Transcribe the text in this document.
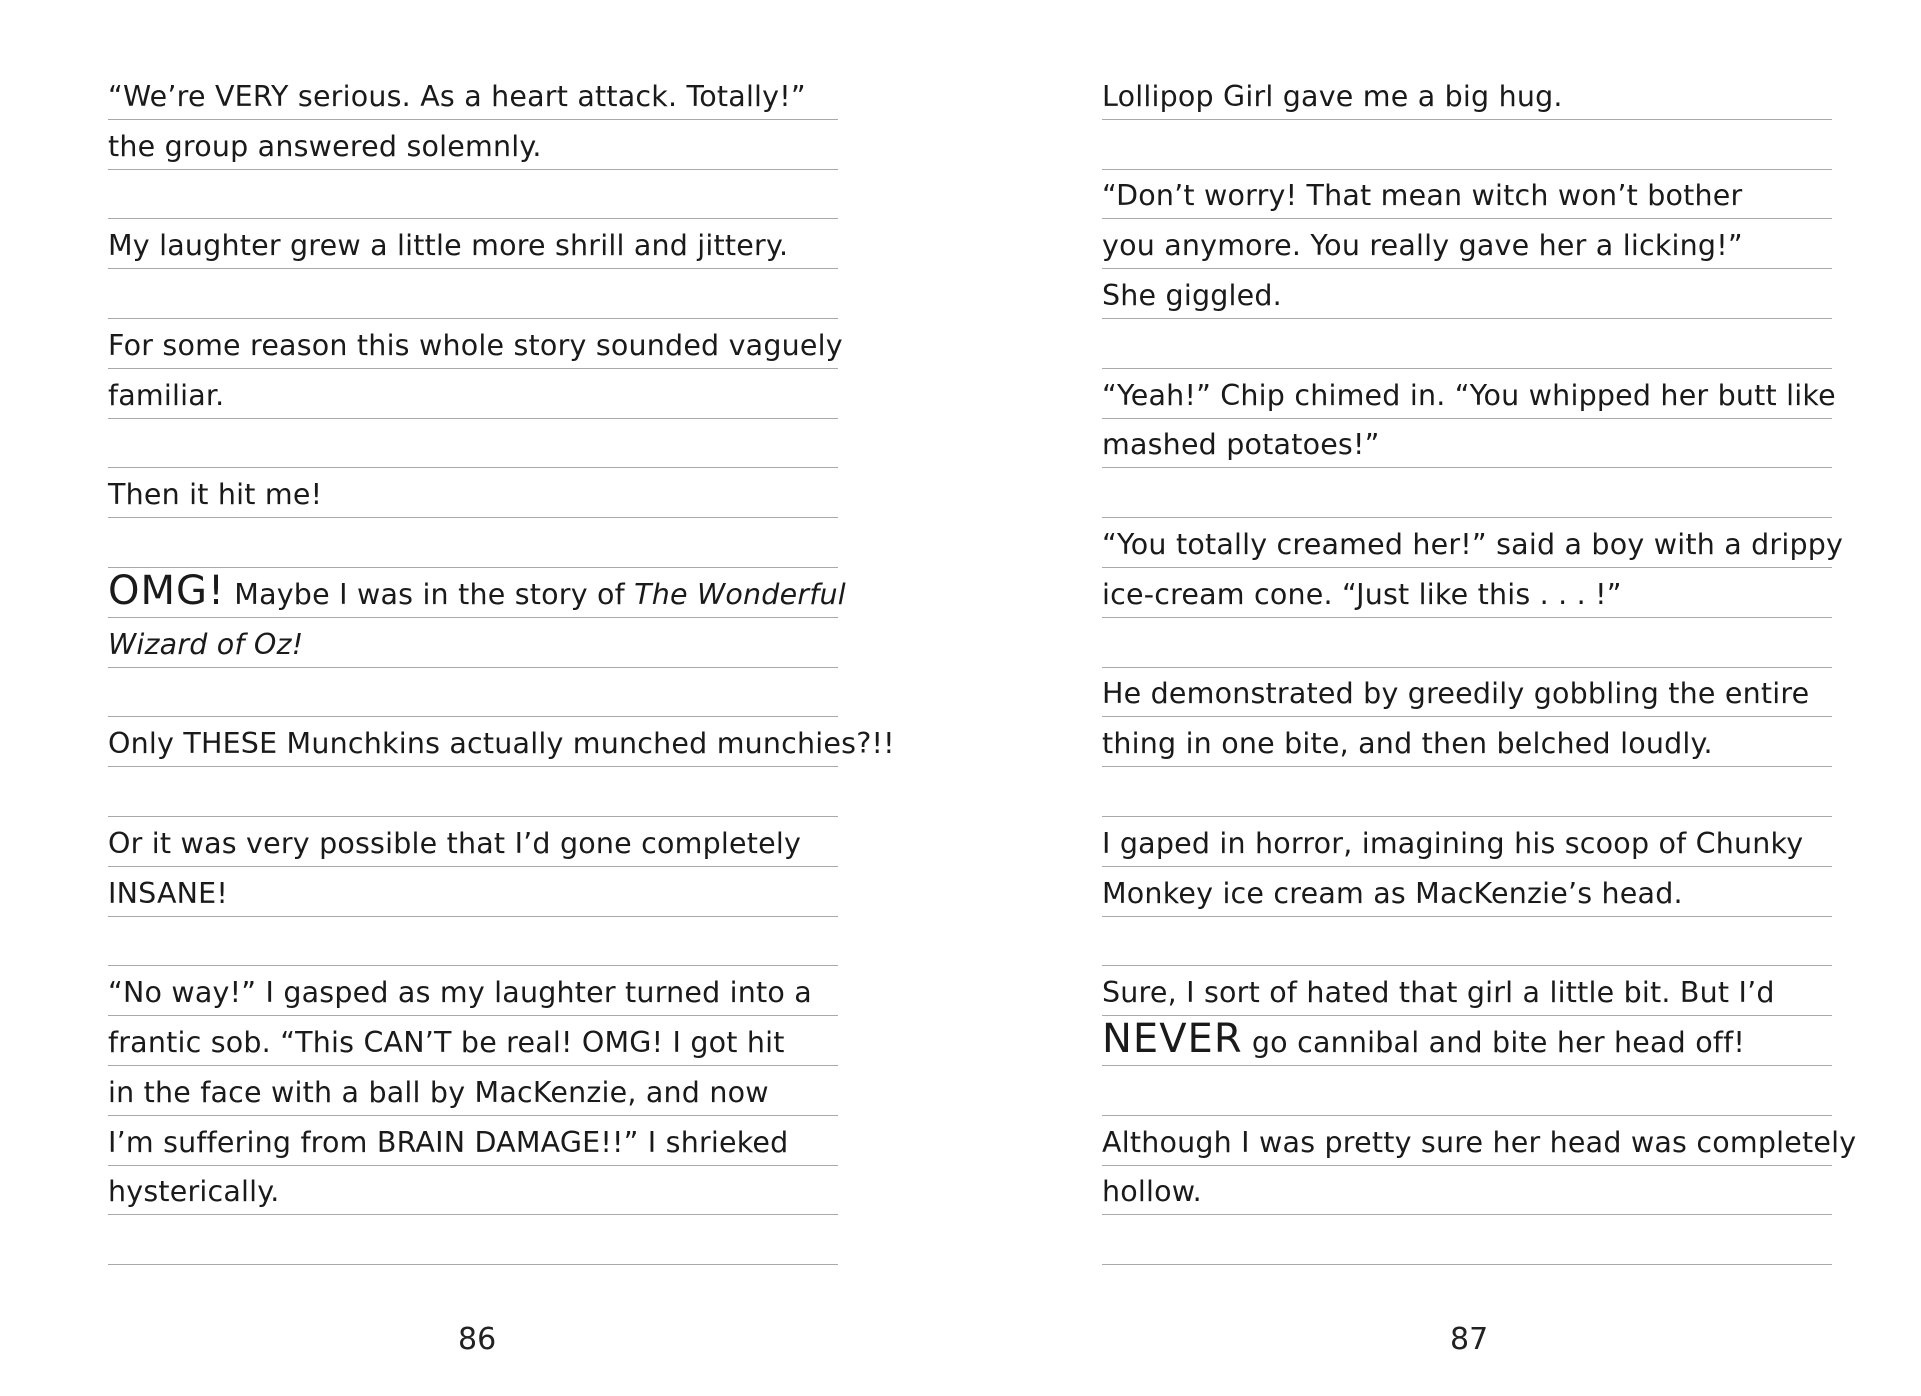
“We’re VERY serious. As a heart attack. Totally!”
the group answered solemnly.
My laughter grew a little more shrill and jittery.
For some reason this whole story sounded vaguely
familiar.
Then it hit me!
OMG! Maybe I was in the story of The Wonderful
Wizard of Oz!
Only THESE Munchkins actually munched munchies?!!
Or it was very possible that I’d gone completely
INSANE!
“No way!” I gasped as my laughter turned into a
frantic sob. “This CAN’T be real! OMG! I got hit
in the face with a ball by MacKenzie, and now
I’m suffering from BRAIN DAMAGE!!” I shrieked
hysterically.
86
Lollipop Girl gave me a big hug.
“Don’t worry! That mean witch won’t bother
you anymore. You really gave her a licking!”
She giggled.
“Yeah!” Chip chimed in. “You whipped her butt like
mashed potatoes!”
“You totally creamed her!” said a boy with a drippy
ice-cream cone. “Just like this . . . !”
He demonstrated by greedily gobbling the entire
thing in one bite, and then belched loudly.
I gaped in horror, imagining his scoop of Chunky
Monkey ice cream as MacKenzie’s head.
Sure, I sort of hated that girl a little bit. But I’d
NEVER go cannibal and bite her head off!
Although I was pretty sure her head was completely
hollow.
87
